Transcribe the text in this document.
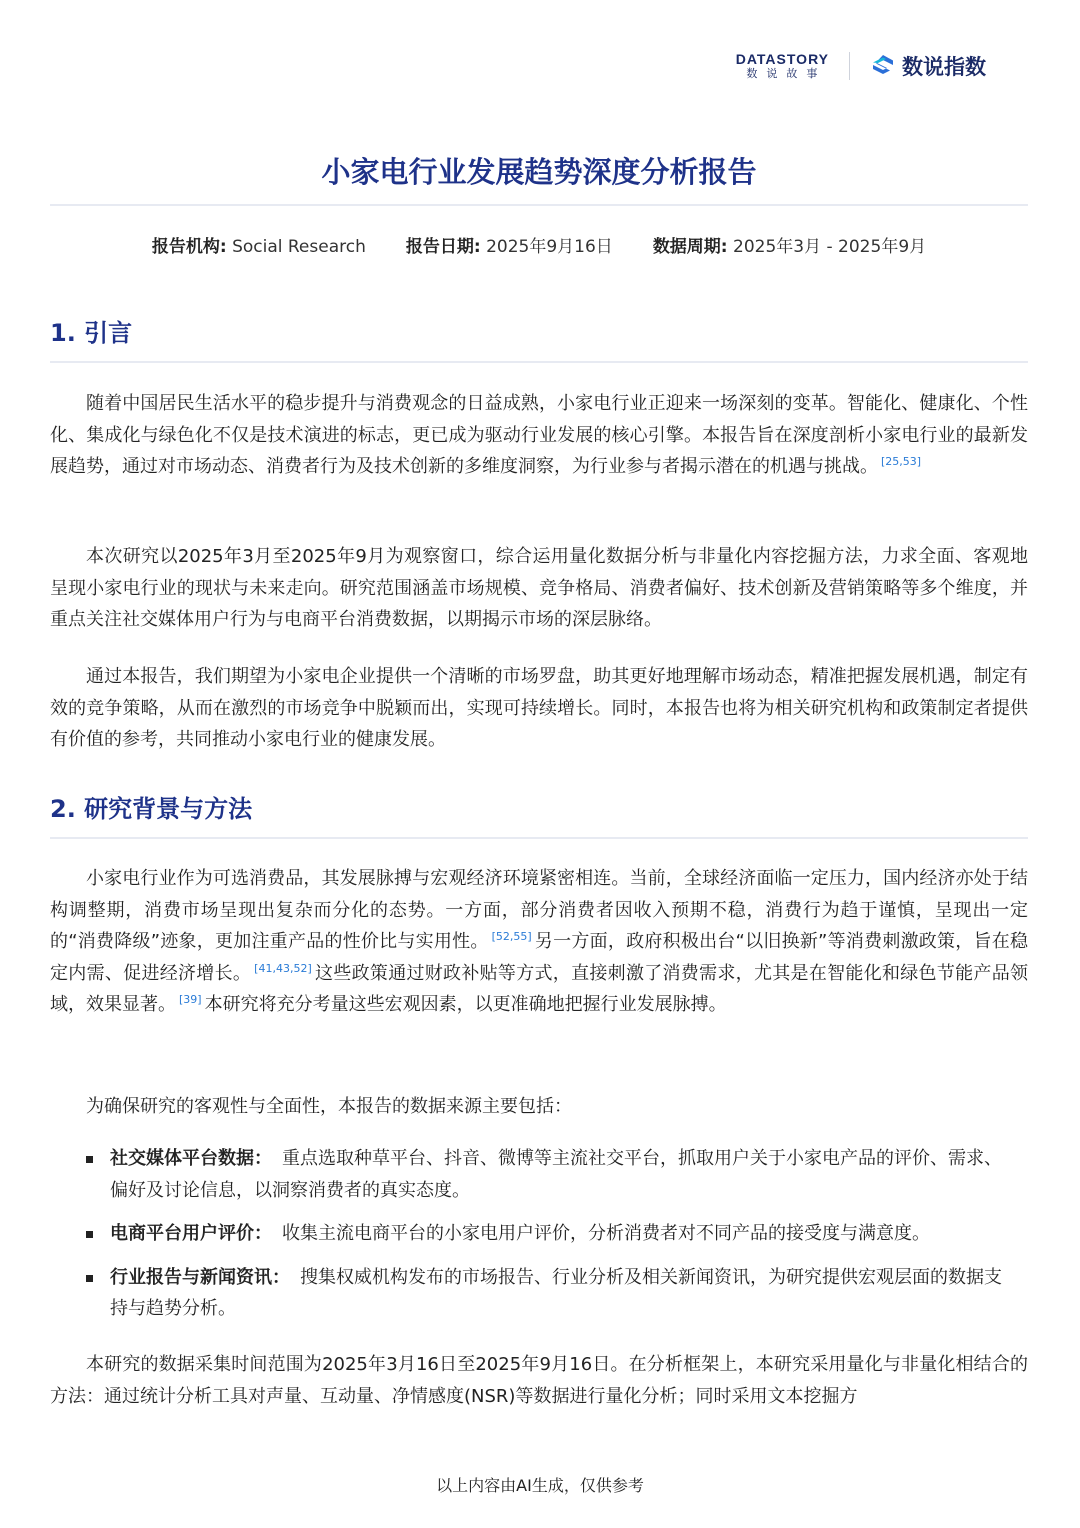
DATASTORY
数说故事	数说指数
小家电行业发展趋势深度分析报告
报告机构: Social Research 报告日期: 2025年9月16日 数据周期: 2025年3月 - 2025年9月
1. 引言

随着中国居民生活水平的稳步提升与消费观念的日益成熟，小家电行业正迎来一场深刻的变革。智能化、健康化、个性化、集成化与绿色化不仅是技术演进的标志，更已成为驱动行业发展的核心引擎。本报告旨在深度剖析小家电行业的最新发展趋势，通过对市场动态、消费者行为及技术创新的多维度洞察，为行业参与者揭示潜在的机遇与挑战。 [25,53]

本次研究以2025年3月至2025年9月为观察窗口，综合运用量化数据分析与非量化内容挖掘方法，力求全面、客观地呈现小家电行业的现状与未来走向。研究范围涵盖市场规模、竞争格局、消费者偏好、技术创新及营销策略等多个维度，并重点关注社交媒体用户行为与电商平台消费数据，以期揭示市场的深层脉络。

通过本报告，我们期望为小家电企业提供一个清晰的市场罗盘，助其更好地理解市场动态，精准把握发展机遇，制定有效的竞争策略，从而在激烈的市场竞争中脱颖而出，实现可持续增长。同时，本报告也将为相关研究机构和政策制定者提供有价值的参考，共同推动小家电行业的健康发展。

2. 研究背景与方法

小家电行业作为可选消费品，其发展脉搏与宏观经济环境紧密相连。当前，全球经济面临一定压力，国内经济亦处于结构调整期，消费市场呈现出复杂而分化的态势。一方面，部分消费者因收入预期不稳，消费行为趋于谨慎，呈现出一定的“消费降级”迹象，更加注重产品的性价比与实用性。 [52,55] 另一方面，政府积极出台“以旧换新”等消费刺激政策，旨在稳定内需、促进经济增长。 [41,43,52] 这些政策通过财政补贴等方式，直接刺激了消费需求，尤其是在智能化和绿色节能产品领域，效果显著。 [39] 本研究将充分考量这些宏观因素，以更准确地把握行业发展脉搏。

为确保研究的客观性与全面性，本报告的数据来源主要包括：

社交媒体平台数据： 重点选取种草平台、抖音、微博等主流社交平台，抓取用户关于小家电产品的评价、需求、偏好及讨论信息，以洞察消费者的真实态度。
电商平台用户评价： 收集主流电商平台的小家电用户评价，分析消费者对不同产品的接受度与满意度。
行业报告与新闻资讯： 搜集权威机构发布的市场报告、行业分析及相关新闻资讯，为研究提供宏观层面的数据支持与趋势分析。

本研究的数据采集时间范围为2025年3月16日至2025年9月16日。在分析框架上，本研究采用量化与非量化相结合的方法：通过统计分析工具对声量、互动量、净情感度(NSR)等数据进行量化分析；同时采用文本挖掘方

以上内容由AI生成，仅供参考
